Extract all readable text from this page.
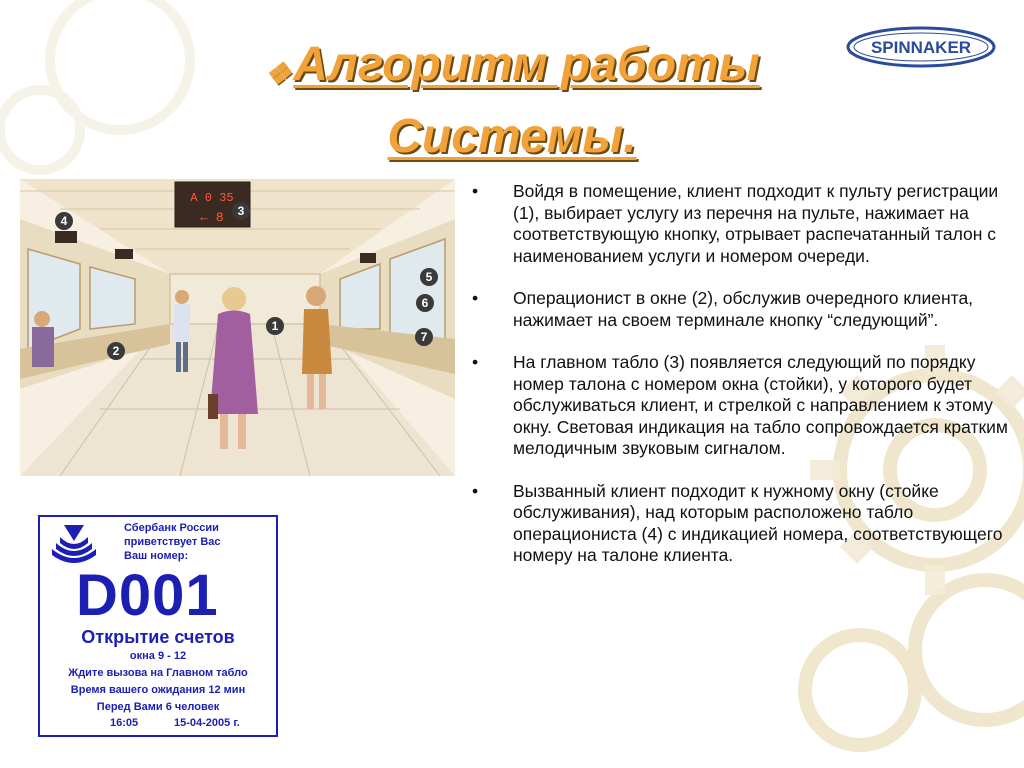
❖Алгоритм работы
Системы.
SPINNAKER
A 0 35
← 8
4
3
5
6
7
1
2
Сбербанк России
приветствует Вас
Ваш номер:
D001
Открытие счетов
окна 9 - 12
Ждите вызова на Главном табло
Время вашего ожидания 12 мин
Перед Вами 6 человек
16:05	15-04-2005 г.
• Войдя в помещение, клиент подходит к пульту регистрации (1), выбирает услугу из перечня на пульте, нажимает на соответствующую кнопку, отрывает распечатанный талон с наименованием услуги и номером очереди.
• Операционист в окне (2), обслужив очередного клиента, нажимает на своем терминале кнопку “следующий”.
• На главном табло (3) появляется следующий по порядку номер талона с номером окна (стойки), у которого будет обслуживаться клиент, и стрелкой с направлением к этому окну. Световая индикация на табло сопровождается кратким мелодичным звуковым сигналом.
• Вызванный клиент подходит к нужному окну (стойке обслуживания), над которым расположено табло операциониста (4) с индикацией номера, соответствующего номеру на талоне клиента.
